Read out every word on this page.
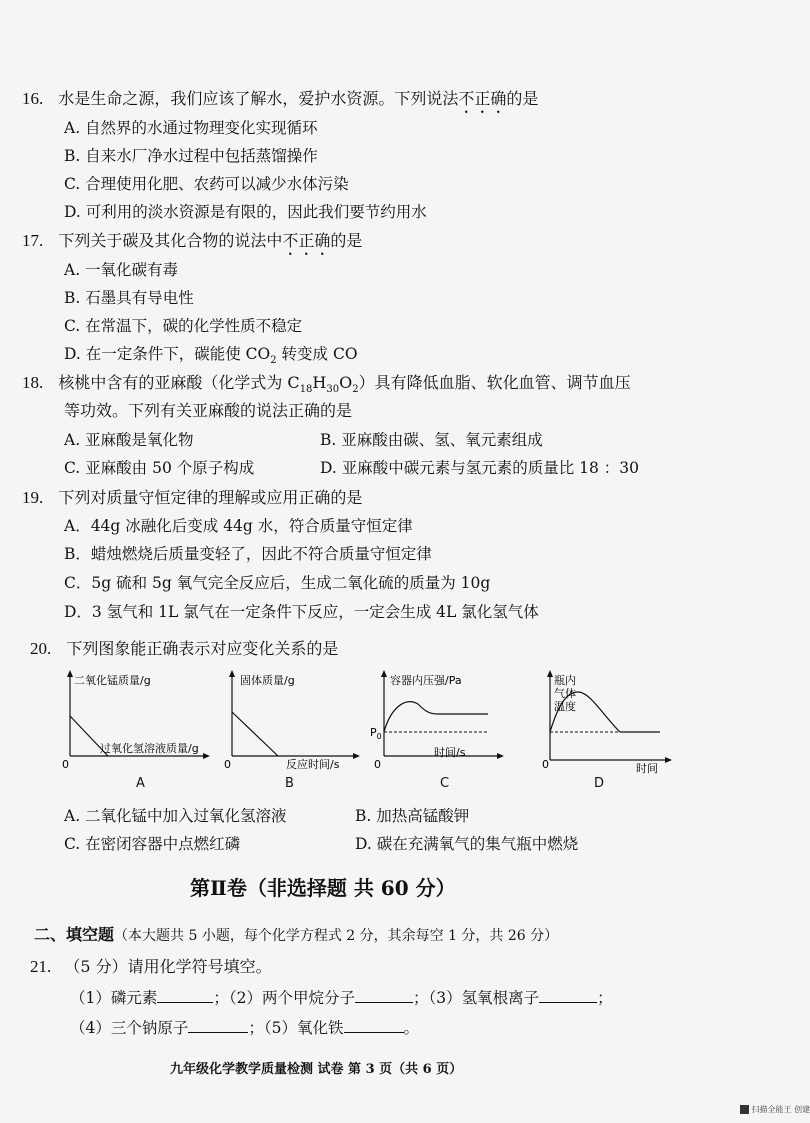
16. 水是生命之源，我们应该了解水，爱护水资源。下列说法不正确的是
A. 自然界的水通过物理变化实现循环
B. 自来水厂净水过程中包括蒸馏操作
C. 合理使用化肥、农药可以减少水体污染
D. 可利用的淡水资源是有限的，因此我们要节约用水
17. 下列关于碳及其化合物的说法中不正确的是
A. 一氧化碳有毒
B. 石墨具有导电性
C. 在常温下，碳的化学性质不稳定
D. 在一定条件下，碳能使 $CO_2$ 转变成 CO
18. 核桃中含有的亚麻酸（化学式为 $C_{18}H_{30}O_2$）具有降低血脂、软化血管、调节血压
等功效。下列有关亚麻酸的说法正确的是
A. 亚麻酸是氧化物	B. 亚麻酸由碳、氢、氧元素组成
C. 亚麻酸由 50 个原子构成	D. 亚麻酸中碳元素与氢元素的质量比 18 ：30
19. 下列对质量守恒定律的理解或应用正确的是
A．44g 冰融化后变成 44g 水，符合质量守恒定律
B．蜡烛燃烧后质量变轻了，因此不符合质量守恒定律
C．5g 硫和 5g 氧气完全反应后，生成二氧化硫的质量为 10g
D．3 氢气和 1L 氯气在一定条件下反应，一定会生成 4L 氯化氢气体
20. 下列图象能正确表示对应变化关系的是
二氧化锰质量/g
过氧化氢溶液质量/g
0
A
固体质量/g
反应时间/s
0
B
容器内压强/Pa
$P_0$
时间/s
0
C
瓶内
气体
温度
时间
0
D
A. 二氧化锰中加入过氧化氢溶液	B. 加热高锰酸钾
C. 在密闭容器中点燃红磷	D. 碳在充满氧气的集气瓶中燃烧
第Ⅱ卷（非选择题 共 60 分）
二、填空题（本大题共 5 小题，每个化学方程式 2 分，其余每空 1 分，共 26 分）
21. （5 分）请用化学符号填空。
（1）磷元素	；（2）两个甲烷分子	；（3）氢氧根离子	；
（4）三个钠原子	；（5）氧化铁	。
九年级化学教学质量检测 试卷 第 3 页（共 6 页）
扫描全能王 创建
